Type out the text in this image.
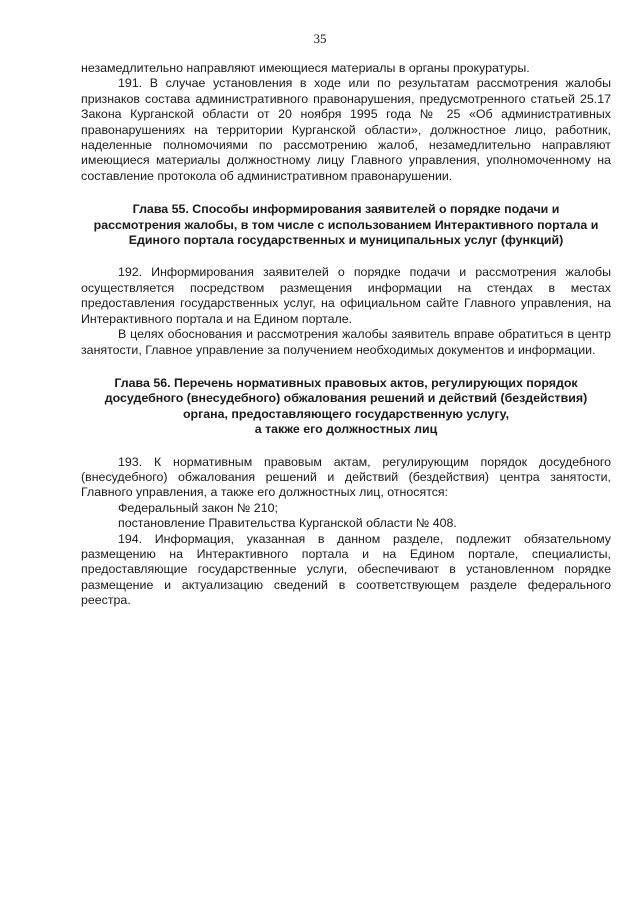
35

незамедлительно направляют имеющиеся материалы в органы прокуратуры.

191. В случае установления в ходе или по результатам рассмотрения жалобы признаков состава административного правонарушения, предусмотренного статьей 25.17 Закона Курганской области от 20 ноября 1995 года № 25 «Об административных правонарушениях на территории Курганской области», должностное лицо, работник, наделенные полномочиями по рассмотрению жалоб, незамедлительно направляют имеющиеся материалы должностному лицу Главного управления, уполномоченному на составление протокола об административном правонарушении.

Глава 55. Способы информирования заявителей о порядке подачи и
рассмотрения жалобы, в том числе с использованием Интерактивного портала и
Единого портала государственных и муниципальных услуг (функций)

192. Информирования заявителей о порядке подачи и рассмотрения жалобы осуществляется посредством размещения информации на стендах в местах предоставления государственных услуг, на официальном сайте Главного управления, на Интерактивного портала и на Едином портале.

В целях обоснования и рассмотрения жалобы заявитель вправе обратиться в центр занятости, Главное управление за получением необходимых документов и информации.

Глава 56. Перечень нормативных правовых актов, регулирующих порядок
досудебного (внесудебного) обжалования решений и действий (бездействия)
органа, предоставляющего государственную услугу,
а также его должностных лиц

193. К нормативным правовым актам, регулирующим порядок досудебного (внесудебного) обжалования решений и действий (бездействия) центра занятости, Главного управления, а также его должностных лиц, относятся:

Федеральный закон № 210;

постановление Правительства Курганской области № 408.

194. Информация, указанная в данном разделе, подлежит обязательному размещению на Интерактивного портала и на Едином портале, специалисты, предоставляющие государственные услуги, обеспечивают в установленном порядке размещение и актуализацию сведений в соответствующем разделе федерального реестра.
